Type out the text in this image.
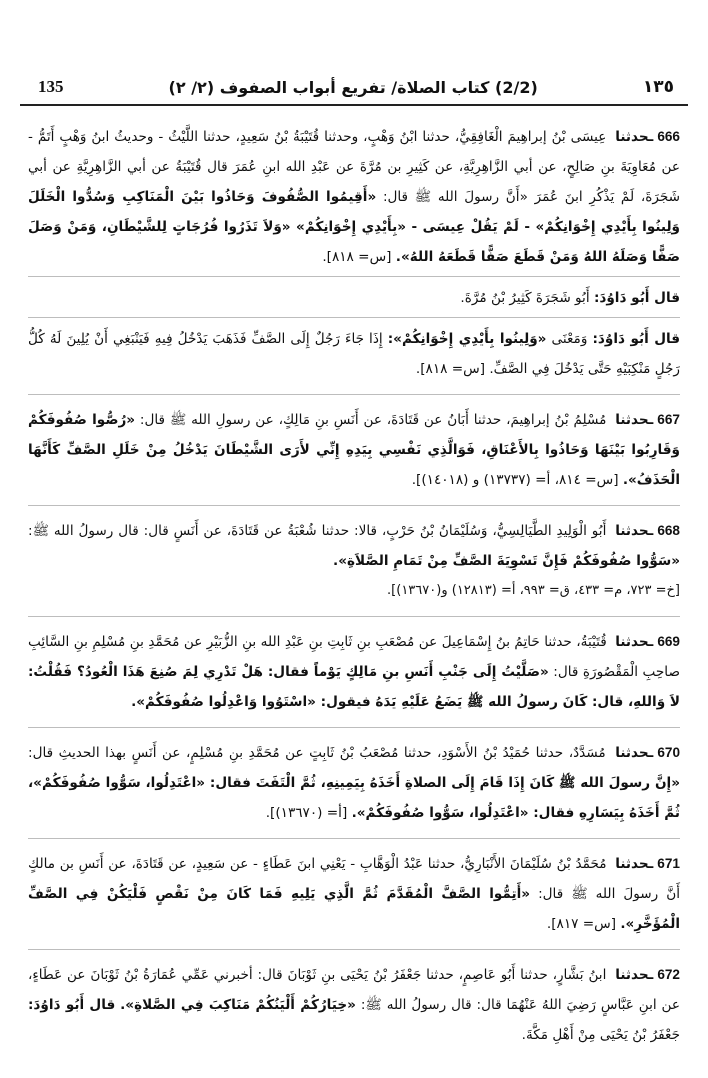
135	(2/2) كتاب الصلاة/ تفريع أبواب الصفوف (٢/ ٢)	١٣٥

666ـحدثنا عِيسَى بْنُ إبراهِيمَ الْغَافِقِيُّ، حدثنا ابْنُ وَهْبٍ، وحدثنا قُتَيْبَةُ بْنُ سَعِيدٍ، حدثنا اللَّيْثُ - وحديثُ ابنُ وَهْبٍ أَتَمُّ - عن مُعَاوِيَةَ بنِ صَالِحٍ، عن أبي الزَّاهِرِيَّةِ، عن كَثِيرِ بن مُرَّةَ عن عَبْدِ الله ابنِ عُمَرَ قال قُتَيْبَةُ عن أبي الزَّاهِرِيَّةِ عن أبي شَجَرَةَ، لَمْ يَذْكُرِ ابنَ عُمَرَ «أَنَّ رسولَ الله ﷺ قال: «أَقِيمُوا الصُّفُوفَ وَحَاذُوا بَيْنَ الْمَنَاكِبِ وَسُدُّوا الْخَلَلَ وَلِينُوا بِأَيْدِي إِخْوَانِكُمْ» - لَمْ يَقُلْ عِيسَى - «بِأَيْدِي إِخْوَانِكُمْ» «وَلاَ تَذَرُوا فُرُجَاتٍ لِلشَّيْطَانِ، وَمَنْ وَصَلَ صَفًّا وَصَلَهُ اللهُ وَمَنْ قَطَعَ صَفًّا قَطَعَهُ اللهُ». [س= ٨١٨].

قال أَبُو دَاوُدَ: أَبُو شَجَرَةَ كَثِيرُ بْنُ مُرَّةَ.

قال أَبُو دَاوُدَ: وَمَعْنَى «وَلِينُوا بِأَيْدِي إِخْوَانِكُمْ»: إِذَا جَاءَ رَجُلٌ إِلَى الصَّفِّ فَذَهَبَ يَدْخُلُ فِيهِ فَيَنْبَغِي أَنْ يُلِينَ لَهُ كُلُّ رَجُلٍ مَنْكِبَيْهِ حَتَّى يَدْخُلَ فِي الصَّفِّ. [س= ٨١٨].

667ـحدثنا مُسْلِمُ بْنُ إبراهِيمَ، حدثنا أَبَانُ عن قَتَادَةَ، عن أَنَسِ بنِ مَالِكٍ، عن رسولِ الله ﷺ قال: «رُصُّوا صُفُوفَكُمْ وَقَارِبُوا بَيْنَهَا وَحَاذُوا بِالأَعْنَاقِ، فَوَالَّذِي نَفْسِي بِيَدِهِ إِنِّي لأَرَى الشَّيْطَانَ يَدْخُلُ مِنْ خَلَلِ الصَّفِّ كَأَنَّهَا الْحَذَفُ». [س= ٨١٤، أ= (١٣٧٣٧) و (١٤٠١٨)].

668ـحدثنا أَبُو الْوَلِيدِ الطَّيَالِسِيُّ، وَسُلَيْمَانُ بْنُ حَرْبٍ، قالا: حدثنا شُعْبَةُ عن قَتَادَةَ، عن أَنَسٍ قال: قال رسولُ الله ﷺ: «سَوُّوا صُفُوفَكُمْ فَإِنَّ تَسْوِيَةَ الصَّفِّ مِنْ تَمَامِ الصَّلاَةِ».
[خ= ٧٢٣، م= ٤٣٣، ق= ٩٩٣، أ= (١٢٨١٣) و(١٣٦٧٠)].

669ـحدثنا قُتَيْبَةُ، حدثنا حَاتِمُ بنُ إِسْمَاعِيلَ عن مُصْعَبِ بنِ ثَابِتِ بنِ عَبْدِ الله بنِ الزُّبَيْرِ عن مُحَمَّدِ بنِ مُسْلِمِ بنِ السَّائِبِ صاحِبِ الْمَقْصُورَةِ قال: «صَلَّيْتُ إِلَى جَنْبِ أَنَسِ بنِ مَالِكٍ يَوْماً فقال: هَلْ تَدْرِي لِمَ صُنِعَ هَذَا الْعُودُ؟ فَقُلْتُ: لاَ وَاللهِ، قال: كَانَ رسولُ الله ﷺ يَضَعُ عَلَيْهِ يَدَهُ فيقول: «اسْتَوُوا وَاعْدِلُوا صُفُوفَكُمْ».

670ـحدثنا مُسَدَّدٌ، حدثنا حُمَيْدُ بْنُ الأَسْوَدِ، حدثنا مُصْعَبُ بْنُ ثَابِتٍ عن مُحَمَّدِ بنِ مُسْلِمٍ، عن أَنَسٍ بهذا الحديثِ قال: «إِنَّ رسولَ الله ﷺ كَانَ إِذَا قَامَ إِلَى الصلاةِ أَخَذَهُ بِيَمِينِهِ، ثُمَّ الْتَفَتَ فقال: «اعْتَدِلُوا، سَوُّوا صُفُوفَكُمْ»، ثُمَّ أَخَذَهُ بِيَسَارِهِ فقال: «اعْتَدِلُوا، سَوُّوا صُفُوفَكُمْ». [أ= (١٣٦٧٠)].

671ـحدثنا مُحَمَّدُ بْنُ سُلَيْمَانَ الأَنْبَارِيُّ، حدثنا عَبْدُ الْوَهَّابِ - يَعْنِي ابنَ عَطَاءٍ - عن سَعِيدٍ، عن قَتَادَةَ، عن أَنَسِ بن مالكٍ أَنَّ رسولَ الله ﷺ قال: «أَتِمُّوا الصَّفَّ الْمُقَدَّمَ ثُمَّ الَّذِي يَلِيهِ فَمَا كَانَ مِنْ نَقْصٍ فَلْيَكُنْ فِي الصَّفِّ الْمُؤَخَّرِ». [س= ٨١٧].

672ـحدثنا ابنُ بَشَّارٍ، حدثنا أَبُو عَاصِمٍ، حدثنا جَعْفَرُ بْنُ يَحْيَى بنِ ثَوْبَانَ قال: أخبرني عَمِّي عُمَارَةُ بْنُ ثَوْبَانَ عن عَطَاءٍ، عن ابنِ عَبَّاسٍ رَضِيَ اللهُ عَنْهُمَا قال: قال رسولُ الله ﷺ: «خِيَارُكُمْ أَلْيَنُكُمْ مَنَاكِبَ فِي الصَّلاةِ». قال أَبُو دَاوُدَ: جَعْفَرُ بْنُ يَحْيَى مِنْ أَهْلِ مَكَّةَ.
